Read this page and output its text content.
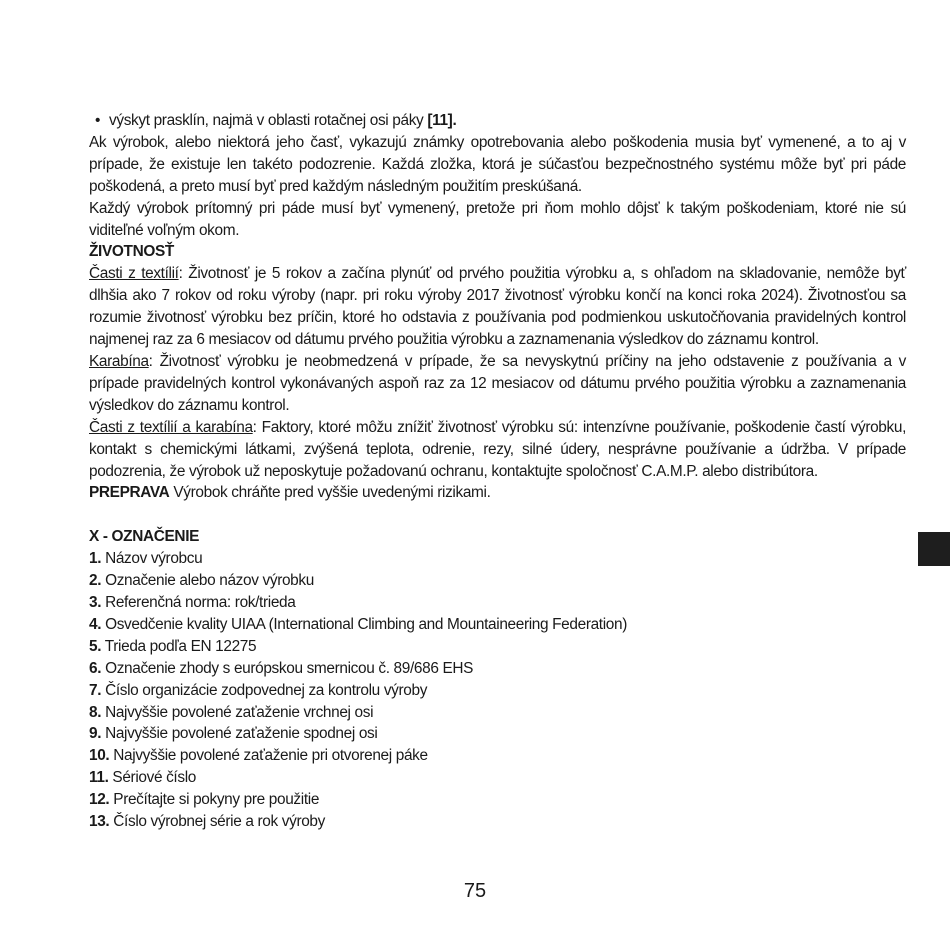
• výskyt prasklín, najmä v oblasti rotačnej osi páky [11].

Ak výrobok, alebo niektorá jeho časť, vykazujú známky opotrebovania alebo poškodenia musia byť vymenené, a to aj v prípade, že existuje len takéto podozrenie. Každá zložka, ktorá je súčasťou bezpečnostného systému môže byť pri páde poškodená, a preto musí byť pred každým následným použitím preskúšaná.

Každý výrobok prítomný pri páde musí byť vymenený, pretože pri ňom mohlo dôjsť k takým poškodeniam, ktoré nie sú viditeľné voľným okom.

ŽIVOTNOSŤ

Časti z textílií: Životnosť je 5 rokov a začína plynúť od prvého použitia výrobku a, s ohľadom na skladovanie, nemôže byť dlhšia ako 7 rokov od roku výroby (napr. pri roku výroby 2017 životnosť výrobku končí na konci roka 2024). Životnosťou sa rozumie životnosť výrobku bez príčin, ktoré ho odstavia z používania pod podmienkou uskutočňovania pravidelných kontrol najmenej raz za 6 mesiacov od dátumu prvého použitia výrobku a zaznamenania výsledkov do záznamu kontrol.

Karabína: Životnosť výrobku je neobmedzená v prípade, že sa nevyskytnú príčiny na jeho odstavenie z používania a v prípade pravidelných kontrol vykonávaných aspoň raz za 12 mesiacov od dátumu prvého použitia výrobku a zaznamenania výsledkov do záznamu kontrol.

Časti z textílií a karabína: Faktory, ktoré môžu znížiť životnosť výrobku sú: intenzívne používanie, poškodenie častí výrobku, kontakt s chemickými látkami, zvýšená teplota, odrenie, rezy, silné údery, nesprávne používanie a údržba. V prípade podozrenia, že výrobok už neposkytuje požadovanú ochranu, kontaktujte spoločnosť C.A.M.P. alebo distribútora.

PREPRAVA Výrobok chráňte pred vyššie uvedenými rizikami.

X - OZNAČENIE

1. Názov výrobcu
2. Označenie alebo názov výrobku
3. Referenčná norma: rok/trieda
4. Osvedčenie kvality UIAA (International Climbing and Mountaineering Federation)
5. Trieda podľa EN 12275
6. Označenie zhody s európskou smernicou č. 89/686 EHS
7. Číslo organizácie zodpovednej za kontrolu výroby
8. Najvyššie povolené zaťaženie vrchnej osi
9. Najvyššie povolené zaťaženie spodnej osi
10. Najvyššie povolené zaťaženie pri otvorenej páke
11. Sériové číslo
12. Prečítajte si pokyny pre použitie
13. Číslo výrobnej série a rok výroby
75
